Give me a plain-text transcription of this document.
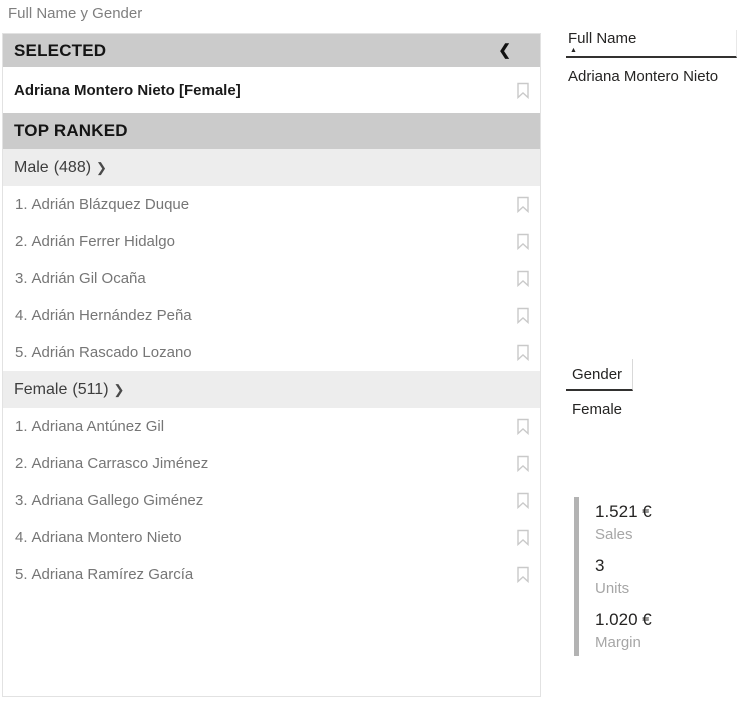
Full Name y Gender
SELECTED	❮
Adriana Montero Nieto [Female]
TOP RANKED
Male (488) ❯
1. Adrián Blázquez Duque
2. Adrián Ferrer Hidalgo
3. Adrián Gil Ocaña
4. Adrián Hernández Peña
5. Adrián Rascado Lozano
Female (511) ❯
1. Adriana Antúnez Gil
2. Adriana Carrasco Jiménez
3. Adriana Gallego Giménez
4. Adriana Montero Nieto
5. Adriana Ramírez García
Full Name
▲
Adriana Montero Nieto
Gender
Female
1.521 €
Sales
3
Units
1.020 €
Margin
